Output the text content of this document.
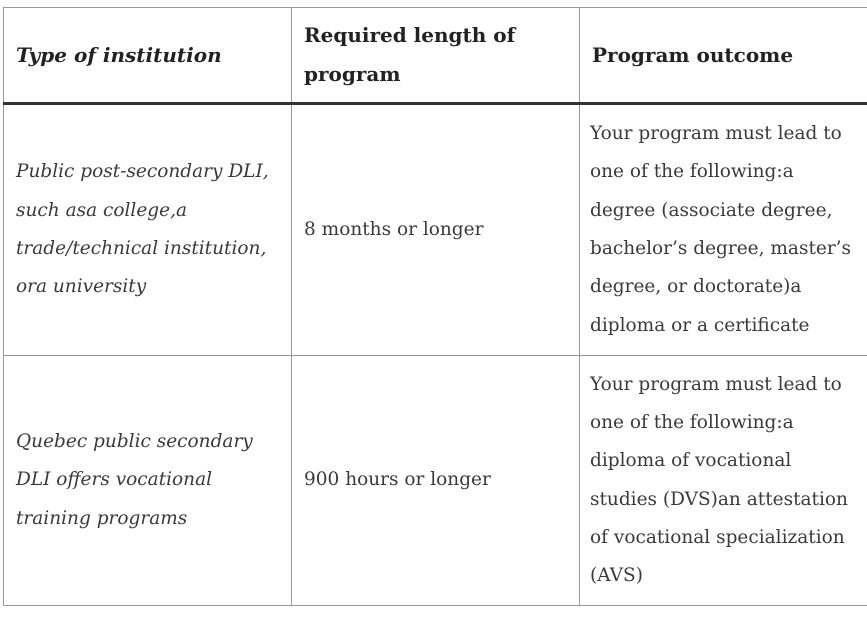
Type of institution	Required length of program	Program outcome
Public post-secondary DLI, such asa college,a trade/technical institution, ora university	8 months or longer	Your program must lead to one of the following:a degree (associate degree, bachelor’s degree, master’s degree, or doctorate)a diploma or a certificate
Quebec public secondary DLI offers vocational training programs	900 hours or longer	Your program must lead to one of the following:a diploma of vocational studies (DVS)an attestation of vocational specialization (AVS)
